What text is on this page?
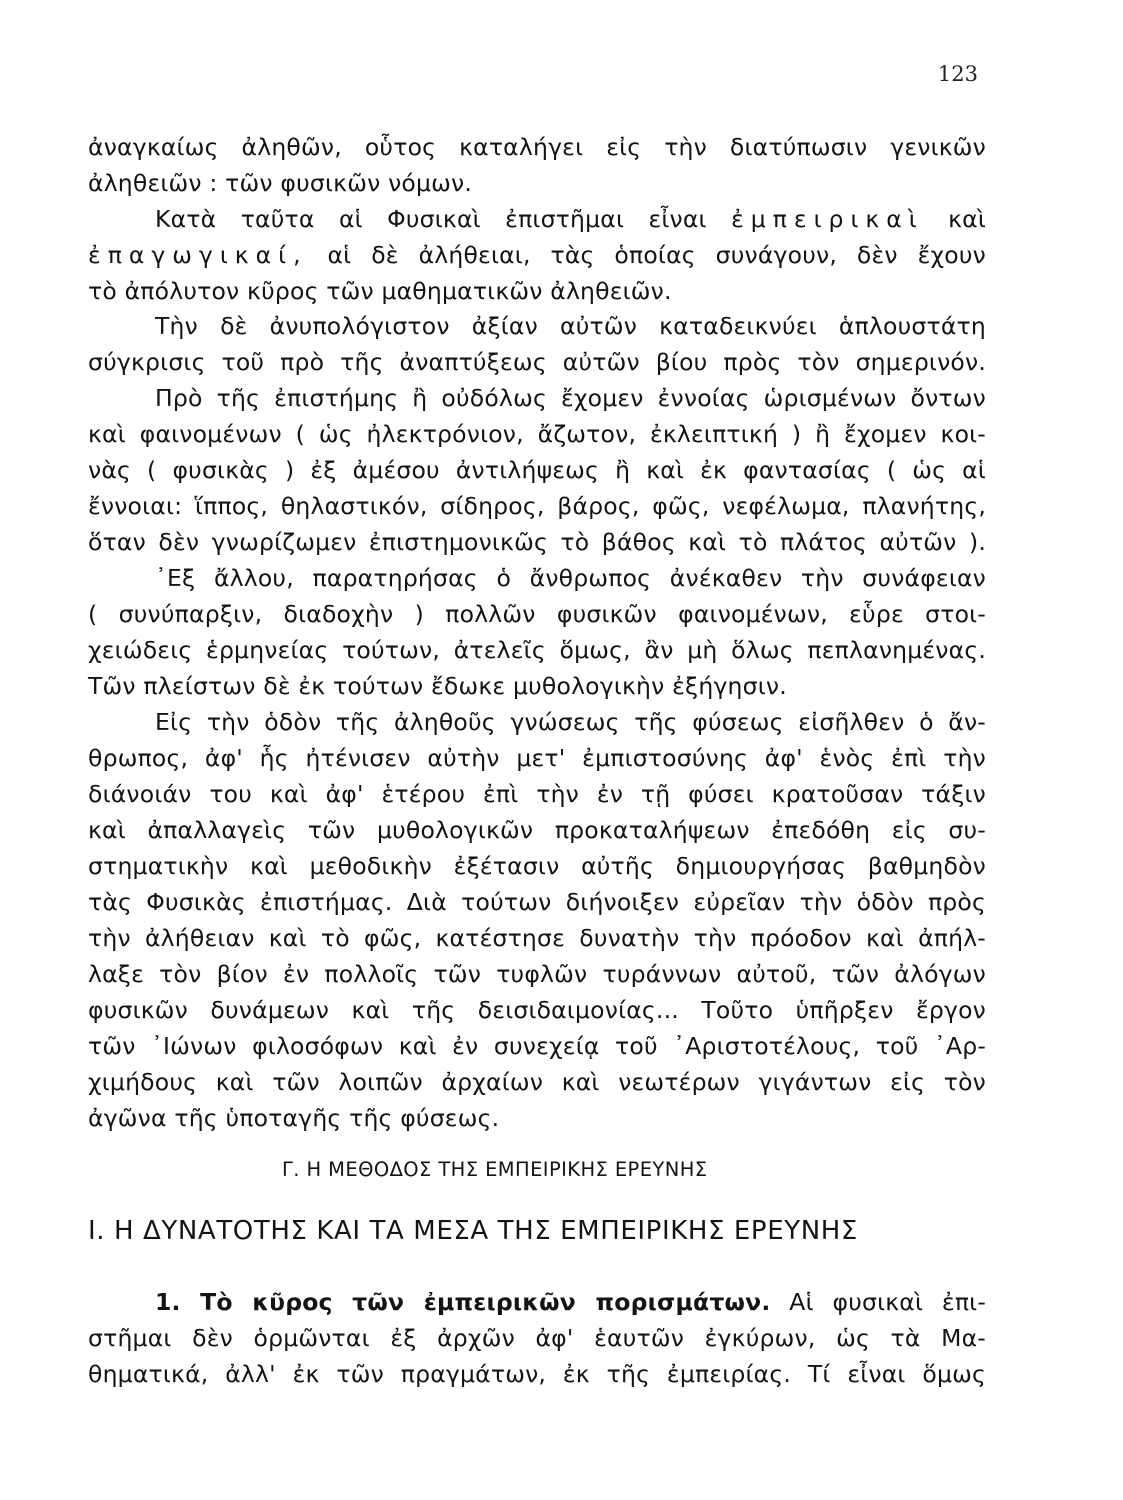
123
ἀναγκαίως ἀληθῶν, οὗτος καταλήγει εἰς τὴν διατύπωσιν γενικῶν
ἀληθειῶν : τῶν φυσικῶν νόμων.
Κατὰ ταῦτα αἱ Φυσικαὶ ἐπιστῆμαι εἶναι ἐμπειρικαὶ καὶ
ἐπαγωγικαί, αἱ δὲ ἀλήθειαι, τὰς ὁποίας συνάγουν, δὲν ἔχουν
τὸ ἀπόλυτον κῦρος τῶν μαθηματικῶν ἀληθειῶν.
Τὴν δὲ ἀνυπολόγιστον ἀξίαν αὐτῶν καταδεικνύει ἁπλουστάτη
σύγκρισις τοῦ πρὸ τῆς ἀναπτύξεως αὐτῶν βίου πρὸς τὸν σημερινόν.
Πρὸ τῆς ἐπιστήμης ἢ οὐδόλως ἔχομεν ἐννοίας ὡρισμένων ὄντων
καὶ φαινομένων ( ὡς ἠλεκτρόνιον, ἄζωτον, ἐκλειπτική ) ἢ ἔχομεν κοι-
νὰς ( φυσικὰς ) ἐξ ἀμέσου ἀντιλήψεως ἢ καὶ ἐκ φαντασίας ( ὡς αἱ
ἔννοιαι: ἵππος, θηλαστικόν, σίδηρος, βάρος, φῶς, νεφέλωμα, πλανήτης,
ὅταν δὲν γνωρίζωμεν ἐπιστημονικῶς τὸ βάθος καὶ τὸ πλάτος αὐτῶν ).
᾿Εξ ἄλλου, παρατηρήσας ὁ ἄνθρωπος ἀνέκαθεν τὴν συνάφειαν
( συνύπαρξιν, διαδοχὴν ) πολλῶν φυσικῶν φαινομένων, εὗρε στοι-
χειώδεις ἑρμηνείας τούτων, ἀτελεῖς ὅμως, ἂν μὴ ὅλως πεπλανημένας.
Τῶν πλείστων δὲ ἐκ τούτων ἔδωκε μυθολογικὴν ἐξήγησιν.
Εἰς τὴν ὁδὸν τῆς ἀληθοῦς γνώσεως τῆς φύσεως εἰσῆλθεν ὁ ἄν-
θρωπος, ἀφ' ἧς ἠτένισεν αὐτὴν μετ' ἐμπιστοσύνης ἀφ' ἑνὸς ἐπὶ τὴν
διάνοιάν του καὶ ἀφ' ἑτέρου ἐπὶ τὴν ἐν τῇ φύσει κρατοῦσαν τάξιν
καὶ ἀπαλλαγεὶς τῶν μυθολογικῶν προκαταλήψεων ἐπεδόθη εἰς συ-
στηματικὴν καὶ μεθοδικὴν ἐξέτασιν αὐτῆς δημιουργήσας βαθμηδὸν
τὰς Φυσικὰς ἐπιστήμας. Διὰ τούτων διήνοιξεν εὐρεῖαν τὴν ὁδὸν πρὸς
τὴν ἀλήθειαν καὶ τὸ φῶς, κατέστησε δυνατὴν τὴν πρόοδον καὶ ἀπήλ-
λαξε τὸν βίον ἐν πολλοῖς τῶν τυφλῶν τυράννων αὐτοῦ, τῶν ἀλόγων
φυσικῶν δυνάμεων καὶ τῆς δεισιδαιμονίας... Τοῦτο ὑπῆρξεν ἔργον
τῶν ᾿Ιώνων φιλοσόφων καὶ ἐν συνεχείᾳ τοῦ ᾿Αριστοτέλους, τοῦ ᾿Αρ-
χιμήδους καὶ τῶν λοιπῶν ἀρχαίων καὶ νεωτέρων γιγάντων εἰς τὸν
ἀγῶνα τῆς ὑποταγῆς τῆς φύσεως.
Γ. Η ΜΕΘΟΔΟΣ ΤΗΣ ΕΜΠΕΙΡΙΚΗΣ ΕΡΕΥΝΗΣ
Ι. Η ΔΥΝΑΤΟΤΗΣ ΚΑΙ ΤΑ ΜΕΣΑ ΤΗΣ ΕΜΠΕΙΡΙΚΗΣ ΕΡΕΥΝΗΣ
1. Τὸ κῦρος τῶν ἐμπειρικῶν πορισμάτων. Αἱ φυσικαὶ ἐπι-
στῆμαι δὲν ὁρμῶνται ἐξ ἀρχῶν ἀφ' ἑαυτῶν ἐγκύρων, ὡς τὰ Μα-
θηματικά, ἀλλ' ἐκ τῶν πραγμάτων, ἐκ τῆς ἐμπειρίας. Τί εἶναι ὅμως
